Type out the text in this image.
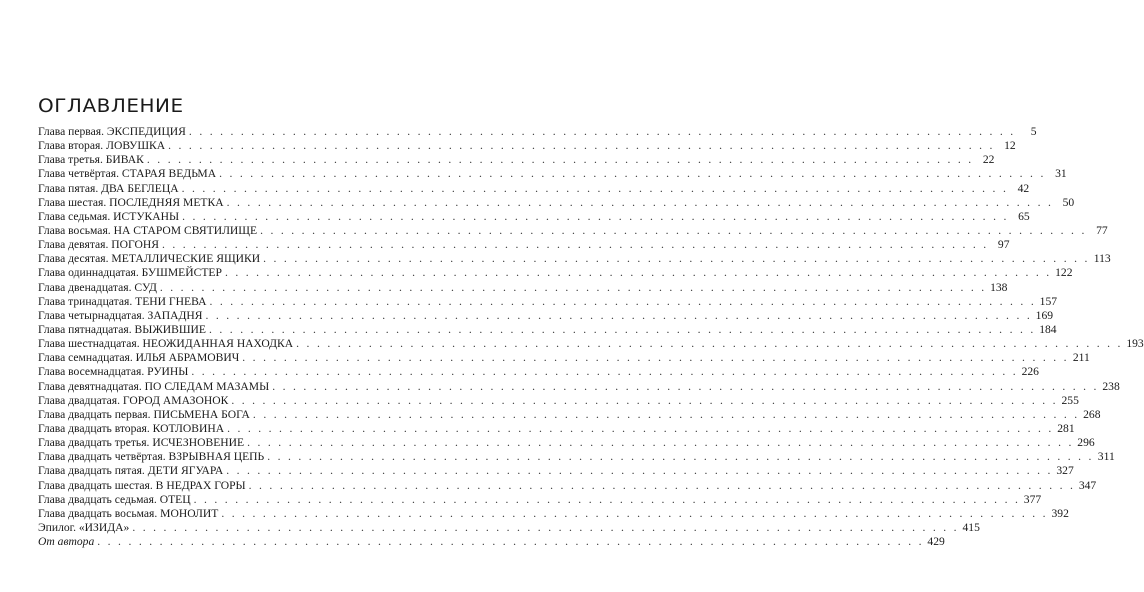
ОГЛАВЛЕНИЕ
Глава первая. ЭКСПЕДИЦИЯ . . . . . . . . . . . . . . . . . . . . . . . . . . . . . . . . . . . . . . . . . . . . . . . . . . . . . . . . . . . . . . . . . . . . . . . . . . . . . . . .	5
Глава вторая. ЛОВУШКА . . . . . . . . . . . . . . . . . . . . . . . . . . . . . . . . . . . . . . . . . . . . . . . . . . . . . . . . . . . . . . . . . . . . . . . . . . . . . . . . 12
Глава третья. БИВАК . . . . . . . . . . . . . . . . . . . . . . . . . . . . . . . . . . . . . . . . . . . . . . . . . . . . . . . . . . . . . . . . . . . . . . . . . . . . . . . . 22
Глава четвёртая. СТАРАЯ ВЕДЬМА . . . . . . . . . . . . . . . . . . . . . . . . . . . . . . . . . . . . . . . . . . . . . . . . . . . . . . . . . . . . . . . . . . . . . . . . . . . . . . . . 31
Глава пятая. ДВА БЕГЛЕЦА . . . . . . . . . . . . . . . . . . . . . . . . . . . . . . . . . . . . . . . . . . . . . . . . . . . . . . . . . . . . . . . . . . . . . . . . . . . . . . . . 42
Глава шестая. ПОСЛЕДНЯЯ МЕТКА . . . . . . . . . . . . . . . . . . . . . . . . . . . . . . . . . . . . . . . . . . . . . . . . . . . . . . . . . . . . . . . . . . . . . . . . . . . . . . . . 50
Глава седьмая. ИСТУКАНЫ . . . . . . . . . . . . . . . . . . . . . . . . . . . . . . . . . . . . . . . . . . . . . . . . . . . . . . . . . . . . . . . . . . . . . . . . . . . . . . . . 65
Глава восьмая. НА СТАРОМ СВЯТИЛИЩЕ . . . . . . . . . . . . . . . . . . . . . . . . . . . . . . . . . . . . . . . . . . . . . . . . . . . . . . . . . . . . . . . . . . . . . . . . . . . . . . . . 77
Глава девятая. ПОГОНЯ . . . . . . . . . . . . . . . . . . . . . . . . . . . . . . . . . . . . . . . . . . . . . . . . . . . . . . . . . . . . . . . . . . . . . . . . . . . . . . . . 97
Глава десятая. МЕТАЛЛИЧЕСКИЕ ЯЩИКИ . . . . . . . . . . . . . . . . . . . . . . . . . . . . . . . . . . . . . . . . . . . . . . . . . . . . . . . . . . . . . . . . . . . . . . . . . . . . . . . . 113
Глава одиннадцатая. БУШМЕЙСТЕР . . . . . . . . . . . . . . . . . . . . . . . . . . . . . . . . . . . . . . . . . . . . . . . . . . . . . . . . . . . . . . . . . . . . . . . . . . . . . . . . 122
Глава двенадцатая. СУД . . . . . . . . . . . . . . . . . . . . . . . . . . . . . . . . . . . . . . . . . . . . . . . . . . . . . . . . . . . . . . . . . . . . . . . . . . . . . . . . 138
Глава тринадцатая. ТЕНИ ГНЕВА . . . . . . . . . . . . . . . . . . . . . . . . . . . . . . . . . . . . . . . . . . . . . . . . . . . . . . . . . . . . . . . . . . . . . . . . . . . . . . . . 157
Глава четырнадцатая. ЗАПАДНЯ . . . . . . . . . . . . . . . . . . . . . . . . . . . . . . . . . . . . . . . . . . . . . . . . . . . . . . . . . . . . . . . . . . . . . . . . . . . . . . . . 169
Глава пятнадцатая. ВЫЖИВШИЕ . . . . . . . . . . . . . . . . . . . . . . . . . . . . . . . . . . . . . . . . . . . . . . . . . . . . . . . . . . . . . . . . . . . . . . . . . . . . . . . . 184
Глава шестнадцатая. НЕОЖИДАННАЯ НАХОДКА . . . . . . . . . . . . . . . . . . . . . . . . . . . . . . . . . . . . . . . . . . . . . . . . . . . . . . . . . . . . . . . . . . . . . . . . . . . . . . . . 193
Глава семнадцатая. ИЛЬЯ АБРАМОВИЧ . . . . . . . . . . . . . . . . . . . . . . . . . . . . . . . . . . . . . . . . . . . . . . . . . . . . . . . . . . . . . . . . . . . . . . . . . . . . . . . . 211
Глава восемнадцатая. РУИНЫ . . . . . . . . . . . . . . . . . . . . . . . . . . . . . . . . . . . . . . . . . . . . . . . . . . . . . . . . . . . . . . . . . . . . . . . . . . . . . . . . 226
Глава девятнадцатая. ПО СЛЕДАМ МАЗАМЫ . . . . . . . . . . . . . . . . . . . . . . . . . . . . . . . . . . . . . . . . . . . . . . . . . . . . . . . . . . . . . . . . . . . . . . . . . . . . . . . . 238
Глава двадцатая. ГОРОД АМАЗОНОК . . . . . . . . . . . . . . . . . . . . . . . . . . . . . . . . . . . . . . . . . . . . . . . . . . . . . . . . . . . . . . . . . . . . . . . . . . . . . . . . 255
Глава двадцать первая. ПИСЬМЕНА БОГА . . . . . . . . . . . . . . . . . . . . . . . . . . . . . . . . . . . . . . . . . . . . . . . . . . . . . . . . . . . . . . . . . . . . . . . . . . . . . . . . 268
Глава двадцать вторая. КОТЛОВИНА . . . . . . . . . . . . . . . . . . . . . . . . . . . . . . . . . . . . . . . . . . . . . . . . . . . . . . . . . . . . . . . . . . . . . . . . . . . . . . . . 281
Глава двадцать третья. ИСЧЕЗНОВЕНИЕ . . . . . . . . . . . . . . . . . . . . . . . . . . . . . . . . . . . . . . . . . . . . . . . . . . . . . . . . . . . . . . . . . . . . . . . . . . . . . . . . 296
Глава двадцать четвёртая. ВЗРЫВНАЯ ЦЕПЬ . . . . . . . . . . . . . . . . . . . . . . . . . . . . . . . . . . . . . . . . . . . . . . . . . . . . . . . . . . . . . . . . . . . . . . . . . . . . . . . . 311
Глава двадцать пятая. ДЕТИ ЯГУАРА . . . . . . . . . . . . . . . . . . . . . . . . . . . . . . . . . . . . . . . . . . . . . . . . . . . . . . . . . . . . . . . . . . . . . . . . . . . . . . . . 327
Глава двадцать шестая. В НЕДРАХ ГОРЫ . . . . . . . . . . . . . . . . . . . . . . . . . . . . . . . . . . . . . . . . . . . . . . . . . . . . . . . . . . . . . . . . . . . . . . . . . . . . . . . . 347
Глава двадцать седьмая. ОТЕЦ . . . . . . . . . . . . . . . . . . . . . . . . . . . . . . . . . . . . . . . . . . . . . . . . . . . . . . . . . . . . . . . . . . . . . . . . . . . . . . . . 377
Глава двадцать восьмая. МОНОЛИТ . . . . . . . . . . . . . . . . . . . . . . . . . . . . . . . . . . . . . . . . . . . . . . . . . . . . . . . . . . . . . . . . . . . . . . . . . . . . . . . . 392
Эпилог. «ИЗИДА» . . . . . . . . . . . . . . . . . . . . . . . . . . . . . . . . . . . . . . . . . . . . . . . . . . . . . . . . . . . . . . . . . . . . . . . . . . . . . . . . 415
От автора . . . . . . . . . . . . . . . . . . . . . . . . . . . . . . . . . . . . . . . . . . . . . . . . . . . . . . . . . . . . . . . . . . . . . . . . . . . . . . . . 429
